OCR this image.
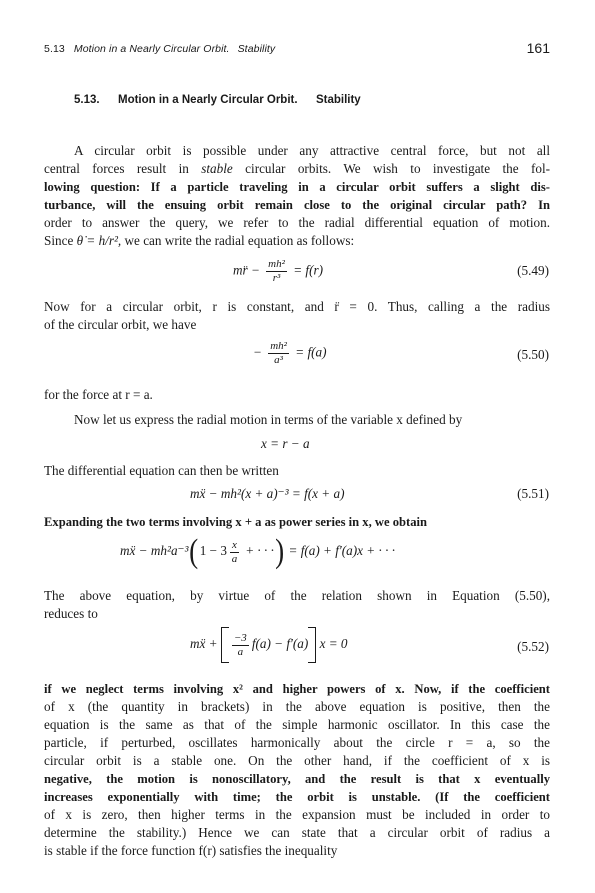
5.13 Motion in a Nearly Circular Orbit. Stability	161
5.13. Motion in a Nearly Circular Orbit. Stability
A circular orbit is possible under any attractive central force, but not all
central forces result in stable circular orbits. We wish to investigate the fol-
lowing question: If a particle traveling in a circular orbit suffers a slight dis-
turbance, will the ensuing orbit remain close to the original circular path? In
order to answer the query, we refer to the radial differential equation of motion.
Since θ̇ = h/r², we can write the radial equation as follows:
mr̈ − $\frac{\text{mh²}}{\text{r³}} = f(r)$	(5.49)
Now for a circular orbit, r is constant, and r̈ = 0. Thus, calling a the radius
of the circular orbit, we have
− $\frac{\text{mh²}}{\text{a³}} = f(a)$	(5.50)
for the force at r = a.
Now let us express the radial motion in terms of the variable x defined by
x = r − a
The differential equation can then be written
mẍ − mh²(x + a)⁻³ = f(x + a)	(5.51)
Expanding the two terms involving x + a as power series in x, we obtain
mẍ − $mh^2a^{-3}(1 - 3 \frac{x}{a}$ + · · ·) = f(a) + f′(a)x + · · ·
The above equation, by virtue of the relation shown in Equation (5.50),
reduces to
mẍ + $\frac{-3}{a} f(a) - f'(a) x = 0$	(5.52)
if we neglect terms involving x² and higher powers of x. Now, if the coefficient
of x (the quantity in brackets) in the above equation is positive, then the
equation is the same as that of the simple harmonic oscillator. In this case the
particle, if perturbed, oscillates harmonically about the circle r = a, so the
circular orbit is a stable one. On the other hand, if the coefficient of x is
negative, the motion is nonoscillatory, and the result is that x eventually
increases exponentially with time; the orbit is unstable. (If the coefficient
of x is zero, then higher terms in the expansion must be included in order to
determine the stability.) Hence we can state that a circular orbit of radius a
is stable if the force function f(r) satisfies the inequality
